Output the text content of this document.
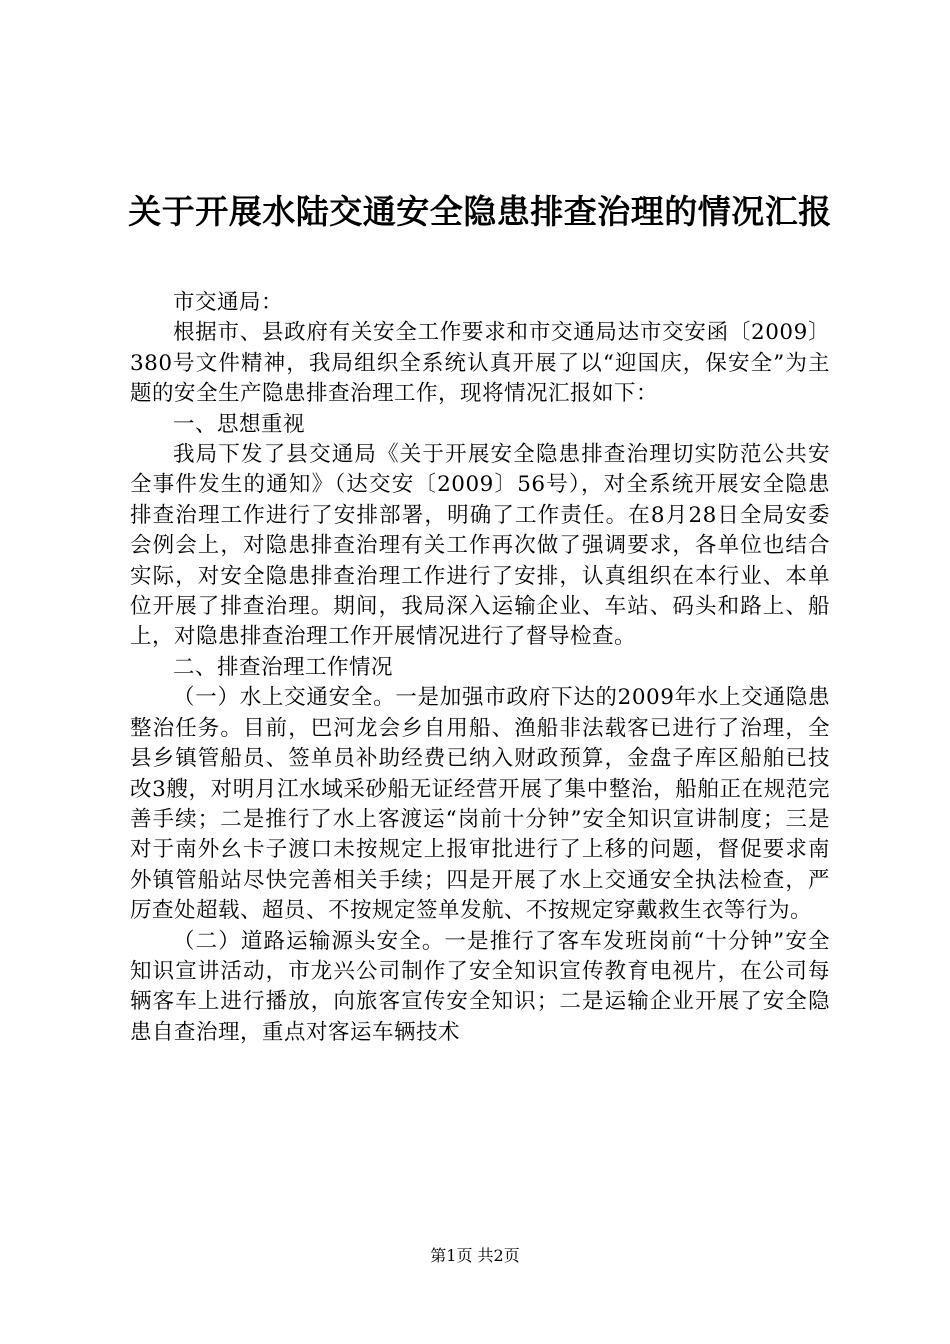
关于开展水陆交通安全隐患排查治理的情况汇报

市交通局：

根据市、县政府有关安全工作要求和市交通局达市交安函〔2009〕380号文件精神，我局组织全系统认真开展了以“迎国庆，保安全”为主题的安全生产隐患排查治理工作，现将情况汇报如下：

一、思想重视

我局下发了县交通局《关于开展安全隐患排查治理切实防范公共安全事件发生的通知》（达交安〔2009〕56号），对全系统开展安全隐患排查治理工作进行了安排部署，明确了工作责任。在8月28日全局安委会例会上，对隐患排查治理有关工作再次做了强调要求，各单位也结合实际，对安全隐患排查治理工作进行了安排，认真组织在本行业、本单位开展了排查治理。期间，我局深入运输企业、车站、码头和路上、船上，对隐患排查治理工作开展情况进行了督导检查。

二、排查治理工作情况

（一）水上交通安全。一是加强市政府下达的2009年水上交通隐患整治任务。目前，巴河龙会乡自用船、渔船非法载客已进行了治理，全县乡镇管船员、签单员补助经费已纳入财政预算，金盘子库区船舶已技改3艘，对明月江水域采砂船无证经营开展了集中整治，船舶正在规范完善手续；二是推行了水上客渡运“岗前十分钟”安全知识宣讲制度；三是对于南外幺卡子渡口未按规定上报审批进行了上移的问题，督促要求南外镇管船站尽快完善相关手续；四是开展了水上交通安全执法检查，严厉查处超载、超员、不按规定签单发航、不按规定穿戴救生衣等行为。

（二）道路运输源头安全。一是推行了客车发班岗前“十分钟”安全知识宣讲活动，市龙兴公司制作了安全知识宣传教育电视片，在公司每辆客车上进行播放，向旅客宣传安全知识；二是运输企业开展了安全隐患自查治理，重点对客运车辆技术

第1页 共2页
